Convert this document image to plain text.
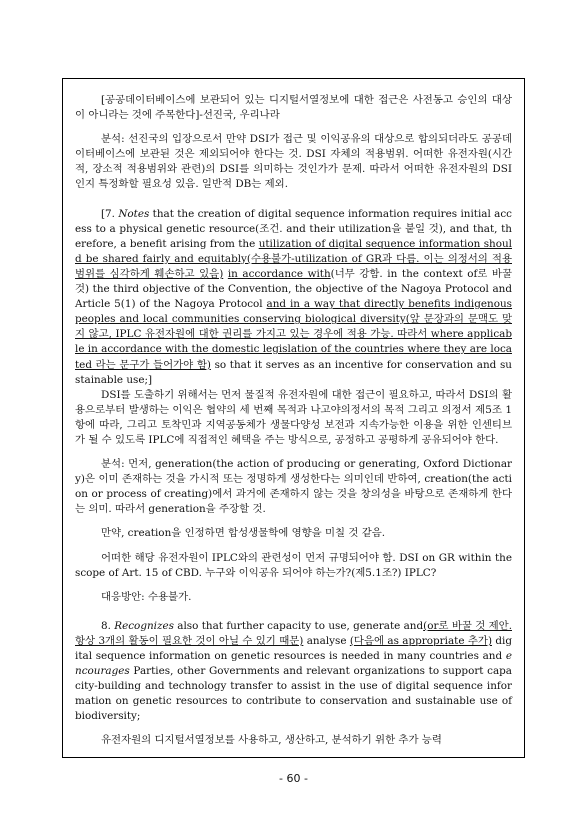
[공공데이터베이스에 보관되어 있는 디지털서열정보에 대한 접근은 사전동고 승인의 대상이 아니라는 것에 주목한다]-선진국, 우리나라

분석: 선진국의 입장으로서 만약 DSI가 접근 및 이익공유의 대상으로 합의되더라도 공공데이터베이스에 보관된 것은 제외되어야 한다는 것. DSI 자체의 적용범위. 어떠한 유전자원(시간적, 장소적 적용범위와 관련)의 DSI를 의미하는 것인가가 문제. 따라서 어떠한 유전자원의 DSI인지 특정화할 필요성 있음. 일반적 DB는 제외.

[7. Notes that the creation of digital sequence information requires initial access to a physical genetic resource(조건. and their utilization을 붙일 것), and that, therefore, a benefit arising from the utilization of digital sequence information should be shared fairly and equitably(수용불가-utilization of GR과 다름. 이는 의정서의 적용범위를 심각하게 훼손하고 있음) in accordance with(너무 강함. in the context of로 바꿀 것) the third objective of the Convention, the objective of the Nagoya Protocol and Article 5(1) of the Nagoya Protocol and in a way that directly benefits indigenous peoples and local communities conserving biological diversity(앞 문장과의 문맥도 맞지 않고, IPLC 유전자원에 대한 권리를 가지고 있는 경우에 적용 가능. 따라서 where applicable in accordance with the domestic legislation of the countries where they are located 라는 문구가 들어가야 함) so that it serves as an incentive for conservation and sustainable use;]

DSI를 도출하기 위해서는 먼저 물질적 유전자원에 대한 접근이 필요하고, 따라서 DSI의 활용으로부터 발생하는 이익은 협약의 세 번째 목적과 나고야의정서의 목적 그리고 의정서 제5조 1항에 따라, 그리고 토착민과 지역공동체가 생물다양성 보전과 지속가능한 이용을 위한 인센티브가 될 수 있도록 IPLC에 직접적인 혜택을 주는 방식으로, 공정하고 공평하게 공유되어야 한다.

분석: 먼저, generation(the action of producing or generating, Oxford Dictionary)은 이미 존재하는 것을 가시적 또는 정명하게 생성한다는 의미인데 반하여, creation(the action or process of creating)에서 과거에 존재하지 않는 것을 창의성을 바탕으로 존재하게 한다는 의미. 따라서 generation을 주장할 것.

만약, creation을 인정하면 합성생물학에 영향을 미칠 것 같음.

어떠한 해당 유전자원이 IPLC와의 관련성이 먼저 규명되어야 함. DSI on GR within the scope of Art. 15 of CBD. 누구와 이익공유 되어야 하는가?(제5.1조?) IPLC?

대응방안: 수용불가.

8. Recognizes also that further capacity to use, generate and(or로 바꿀 것 제안. 항상 3개의 활동이 필요한 것이 아닐 수 있기 때문) analyse (다음에 as appropriate 추가) digital sequence information on genetic resources is needed in many countries and encourages Parties, other Governments and relevant organizations to support capacity-building and technology transfer to assist in the use of digital sequence information on genetic resources to contribute to conservation and sustainable use of biodiversity;

유전자원의 디지털서열정보를 사용하고, 생산하고, 분석하기 위한 추가 능력

- 60 -
